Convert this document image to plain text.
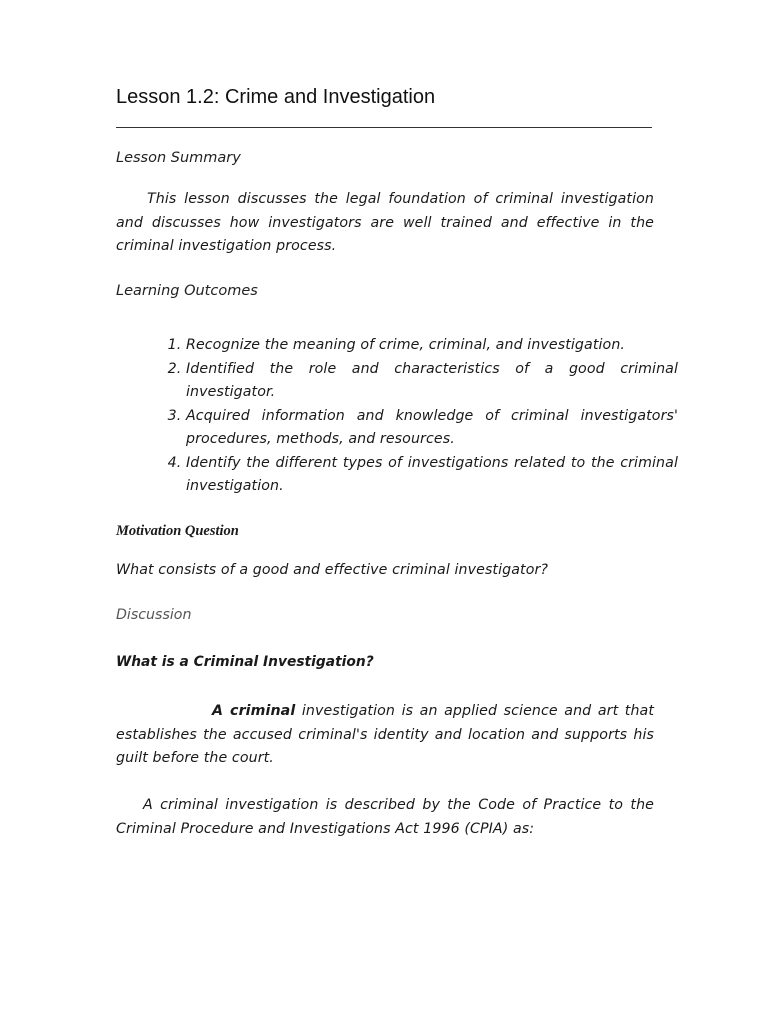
Lesson 1.2: Crime and Investigation

Lesson Summary

This lesson discusses the legal foundation of criminal investigation and discusses how investigators are well trained and effective in the criminal investigation process.

Learning Outcomes

1. Recognize the meaning of crime, criminal, and investigation.
2. Identified the role and characteristics of a good criminal investigator.
3. Acquired information and knowledge of criminal investigators' procedures, methods, and resources.
4. Identify the different types of investigations related to the criminal investigation.

Motivation Question

What consists of a good and effective criminal investigator?

Discussion

What is a Criminal Investigation?

A criminal investigation is an applied science and art that establishes the accused criminal's identity and location and supports his guilt before the court.

A criminal investigation is described by the Code of Practice to the Criminal Procedure and Investigations Act 1996 (CPIA) as:
